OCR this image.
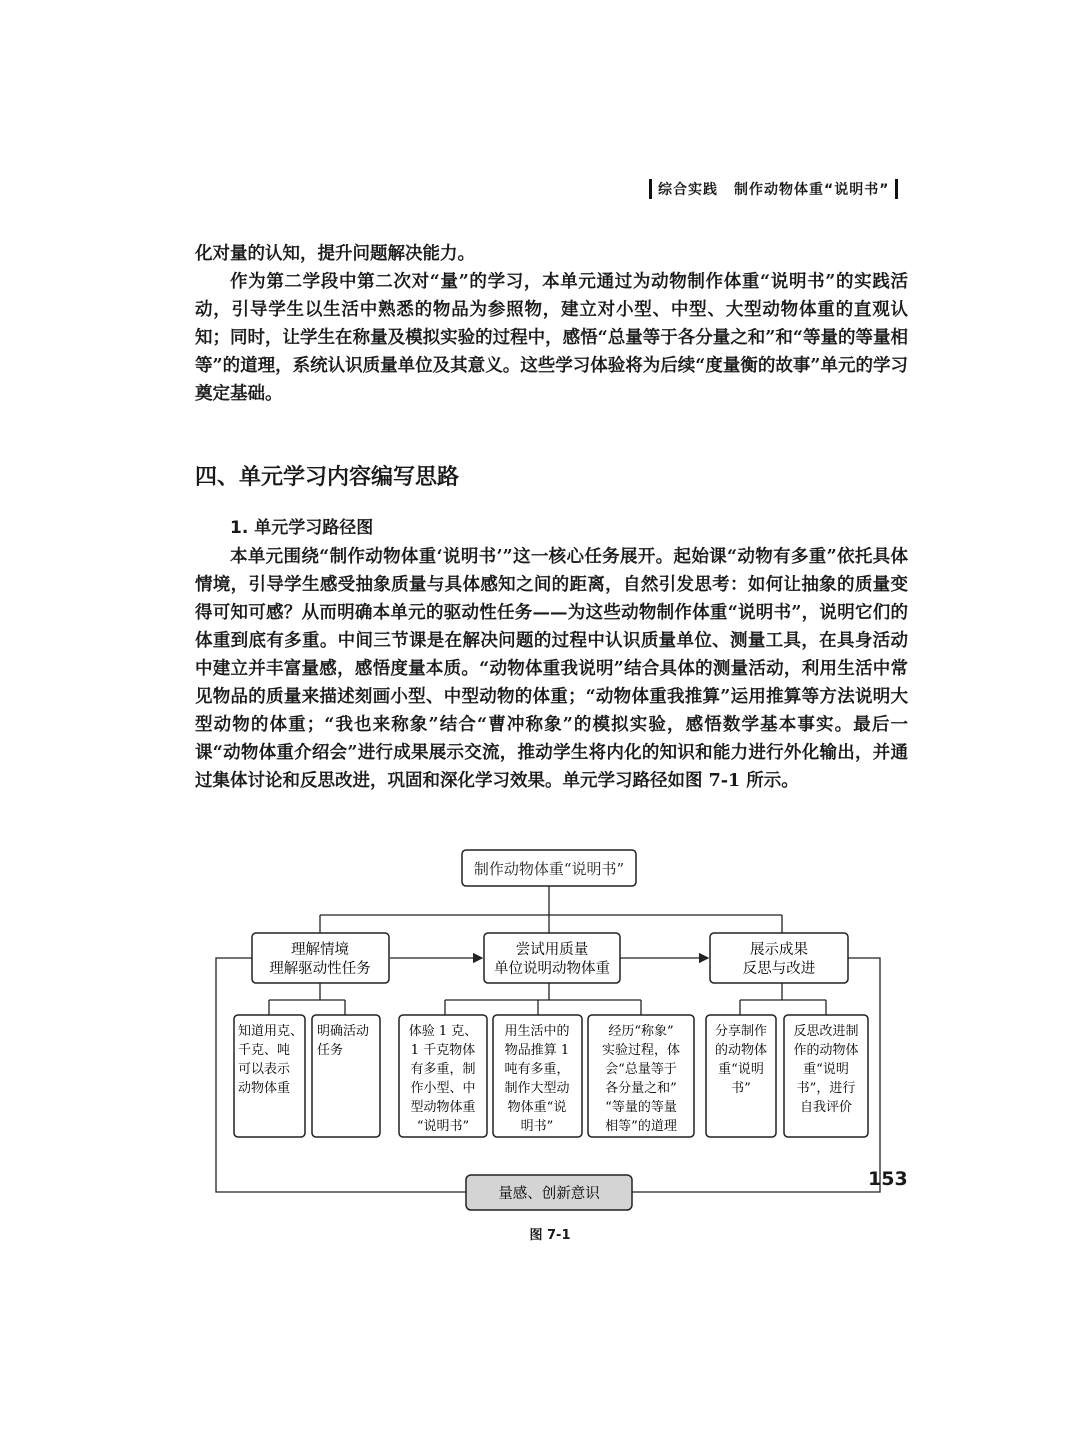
综合实践 制作动物体重“说明书”

化对量的认知，提升问题解决能力。

作为第二学段中第二次对“量”的学习，本单元通过为动物制作体重“说明书”的实践活动，引导学生以生活中熟悉的物品为参照物，建立对小型、中型、大型动物体重的直观认知；同时，让学生在称量及模拟实验的过程中，感悟“总量等于各分量之和”和“等量的等量相等”的道理，系统认识质量单位及其意义。这些学习体验将为后续“度量衡的故事”单元的学习奠定基础。

四、单元学习内容编写思路
1. 单元学习路径图

本单元围绕“制作动物体重‘说明书’”这一核心任务展开。起始课“动物有多重”依托具体情境，引导学生感受抽象质量与具体感知之间的距离，自然引发思考：如何让抽象的质量变得可知可感？从而明确本单元的驱动性任务——为这些动物制作体重“说明书”，说明它们的体重到底有多重。中间三节课是在解决问题的过程中认识质量单位、测量工具，在具身活动中建立并丰富量感，感悟度量本质。“动物体重我说明”结合具体的测量活动，利用生活中常见物品的质量来描述刻画小型、中型动物的体重；“动物体重我推算”运用推算等方法说明大型动物的体重；“我也来称象”结合“曹冲称象”的模拟实验，感悟数学基本事实。最后一课“动物体重介绍会”进行成果展示交流，推动学生将内化的知识和能力进行外化输出，并通过集体讨论和反思改进，巩固和深化学习效果。单元学习路径如图 7-1 所示。

制作动物体重“说明书”
理解情境
理解驱动性任务
尝试用质量
单位说明动物体重
展示成果
反思与改进
知道用克、
千克、吨
可以表示
动物体重
明确活动
任务
体验 1 克、
1 千克物体
有多重，制
作小型、中
型动物体重
“说明书”
用生活中的
物品推算 1
吨有多重，
制作大型动
物体重“说
明书”
经历“称象”
实验过程，体
会“总量等于
各分量之和”
“等量的等量
相等”的道理
分享制作
的动物体
重“说明
书”
反思改进制
作的动物体
重“说明
书”，进行
自我评价
量感、创新意识
图 7-1
153
